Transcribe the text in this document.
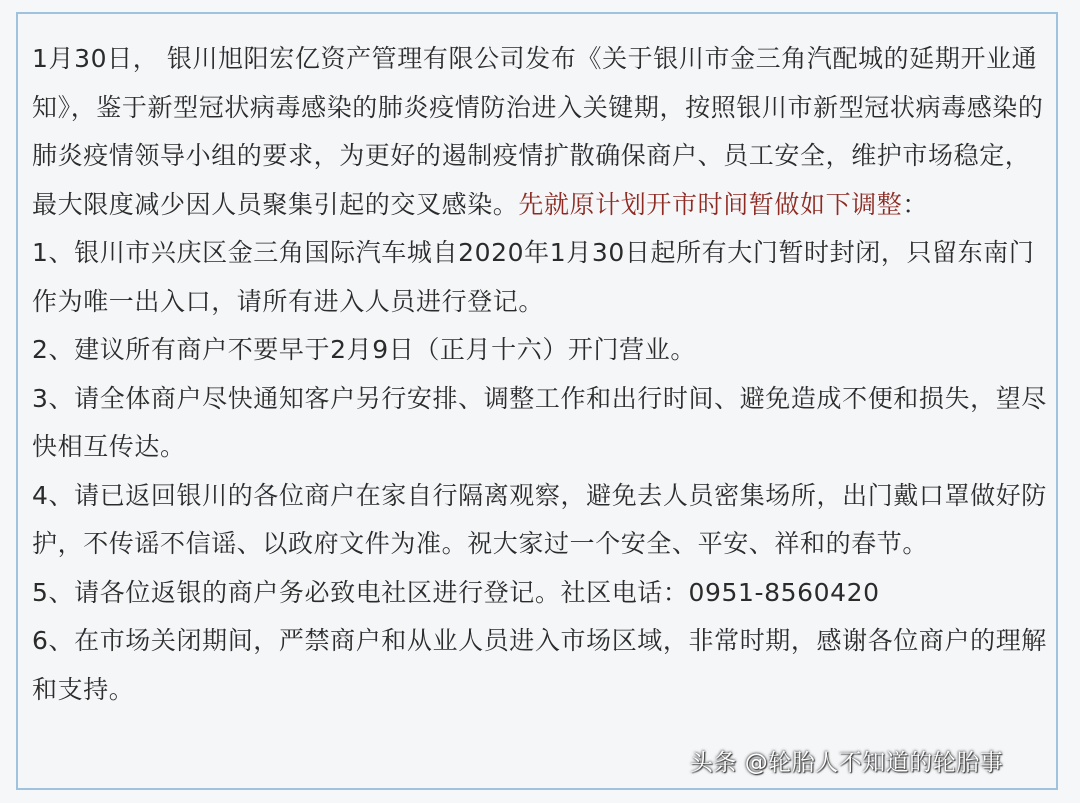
1月30日， 银川旭阳宏亿资产管理有限公司发布《关于银川市金三角汽配城的延期开业通知》，鉴于新型冠状病毒感染的肺炎疫情防治进入关键期，按照银川市新型冠状病毒感染的肺炎疫情领导小组的要求，为更好的遏制疫情扩散确保商户、员工安全，维护市场稳定，最大限度减少因人员聚集引起的交叉感染。先就原计划开市时间暂做如下调整：

1、银川市兴庆区金三角国际汽车城自2020年1月30日起所有大门暂时封闭，只留东南门作为唯一出入口，请所有进入人员进行登记。

2、建议所有商户不要早于2月9日（正月十六）开门营业。

3、请全体商户尽快通知客户另行安排、调整工作和出行时间、避免造成不便和损失，望尽快相互传达。

4、请已返回银川的各位商户在家自行隔离观察，避免去人员密集场所，出门戴口罩做好防护，不传谣不信谣、以政府文件为准。祝大家过一个安全、平安、祥和的春节。

5、请各位返银的商户务必致电社区进行登记。社区电话：0951-8560420

6、在市场关闭期间，严禁商户和从业人员进入市场区域，非常时期，感谢各位商户的理解和支持。

头条 @轮胎人不知道的轮胎事
